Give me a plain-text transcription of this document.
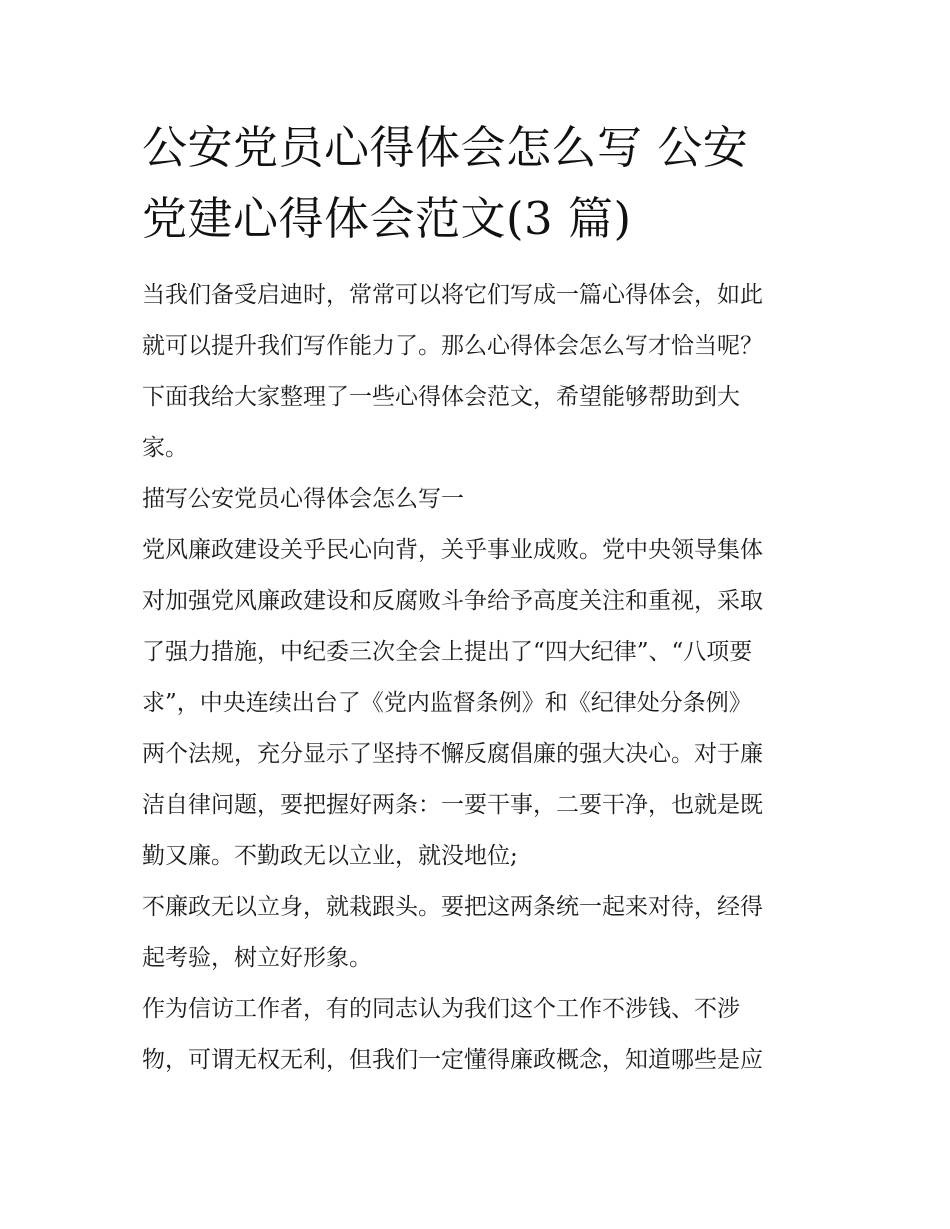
公安党员心得体会怎么写 公安
党建心得体会范文(3 篇)

当我们备受启迪时，常常可以将它们写成一篇心得体会，如此
就可以提升我们写作能力了。那么心得体会怎么写才恰当呢？
下面我给大家整理了一些心得体会范文，希望能够帮助到大
家。

描写公安党员心得体会怎么写一

党风廉政建设关乎民心向背，关乎事业成败。党中央领导集体
对加强党风廉政建设和反腐败斗争给予高度关注和重视，采取
了强力措施，中纪委三次全会上提出了“四大纪律”、“八项要
求”，中央连续出台了《党内监督条例》和《纪律处分条例》
两个法规，充分显示了坚持不懈反腐倡廉的强大决心。对于廉
洁自律问题，要把握好两条：一要干事，二要干净，也就是既
勤又廉。不勤政无以立业，就没地位;

不廉政无以立身，就栽跟头。要把这两条统一起来对待，经得
起考验，树立好形象。

作为信访工作者，有的同志认为我们这个工作不涉钱、不涉
物，可谓无权无利，但我们一定懂得廉政概念，知道哪些是应
